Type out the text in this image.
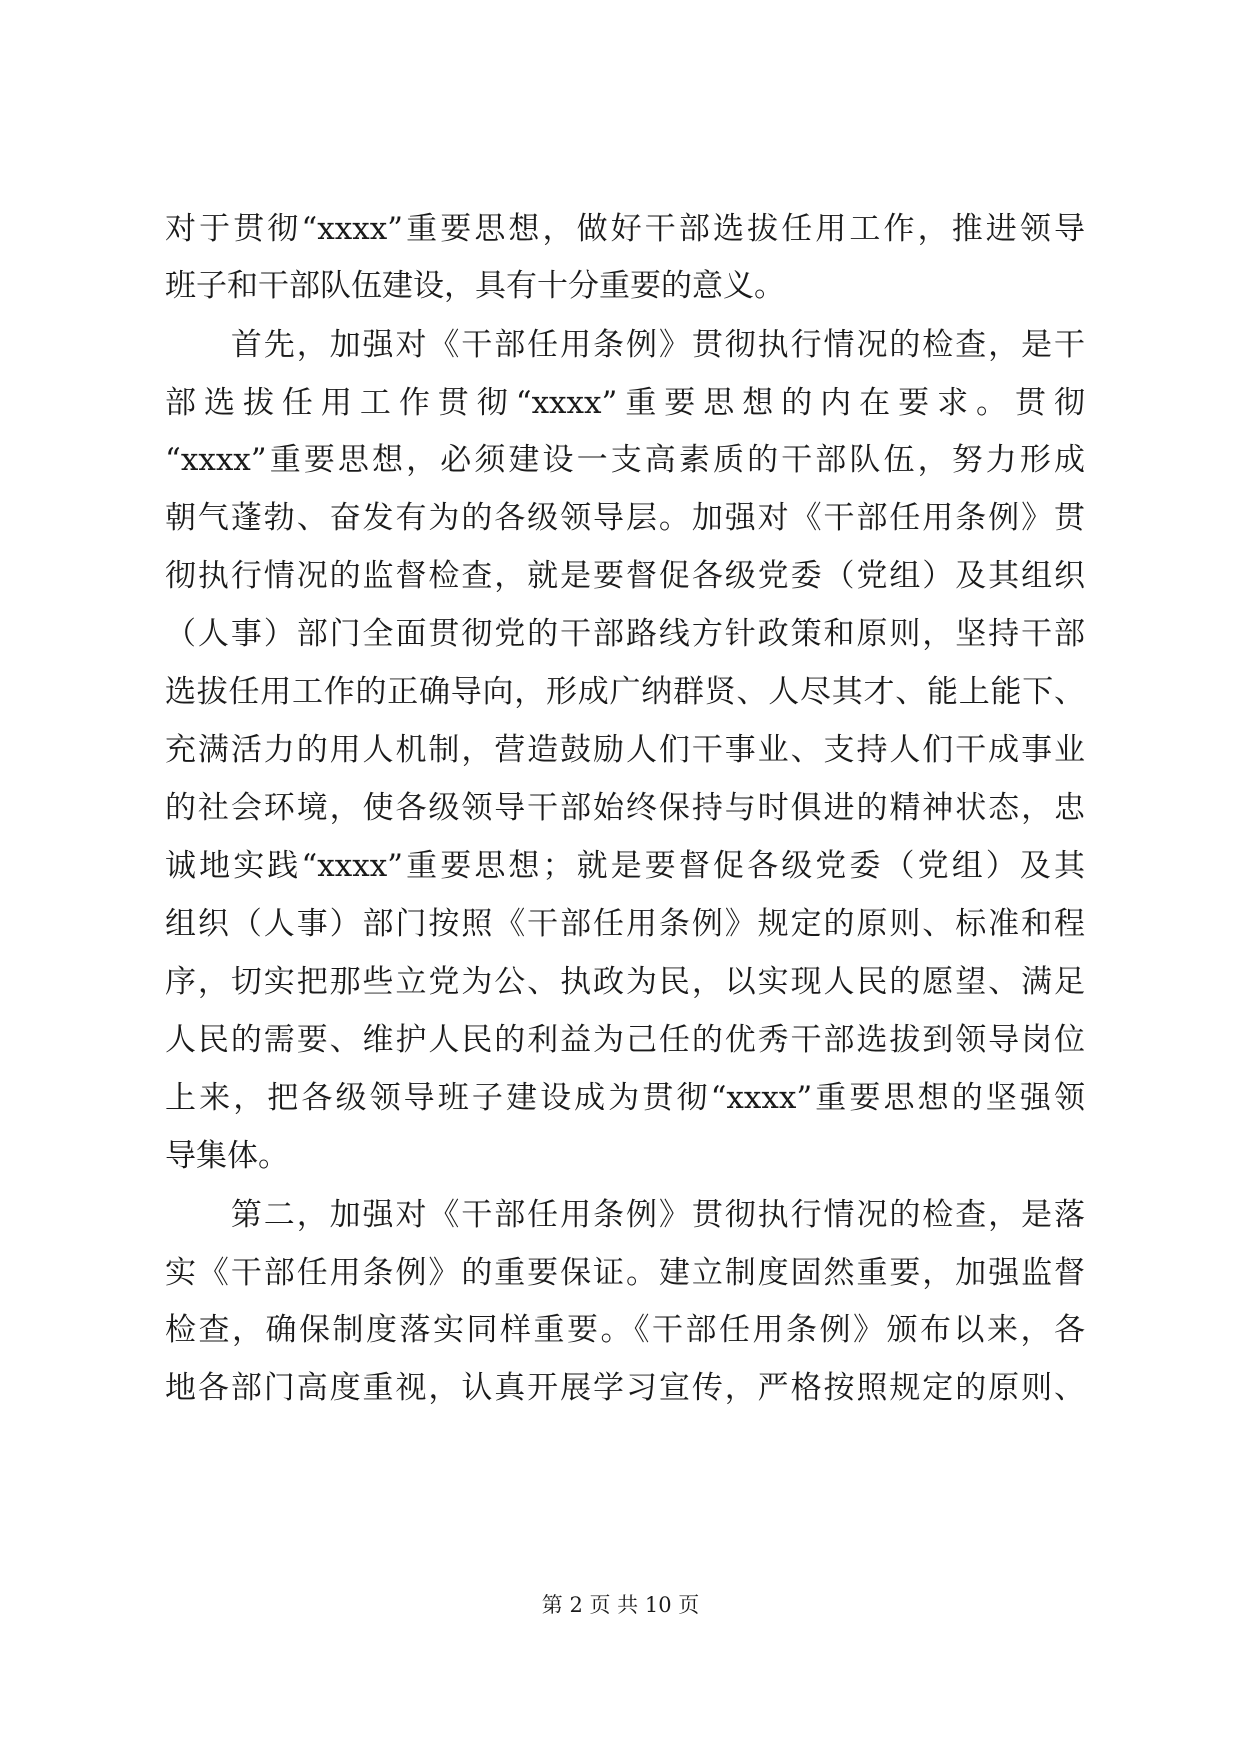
对于贯彻“xxxx”重要思想，做好干部选拔任用工作，推进领导
班子和干部队伍建设，具有十分重要的意义。
　　首先，加强对《干部任用条例》贯彻执行情况的检查，是干
部选拔任用工作贯彻“xxxx”重要思想的内在要求。贯彻
“xxxx”重要思想，必须建设一支高素质的干部队伍，努力形成
朝气蓬勃、奋发有为的各级领导层。加强对《干部任用条例》贯
彻执行情况的监督检查，就是要督促各级党委（党组）及其组织
（人事）部门全面贯彻党的干部路线方针政策和原则，坚持干部
选拔任用工作的正确导向，形成广纳群贤、人尽其才、能上能下、
充满活力的用人机制，营造鼓励人们干事业、支持人们干成事业
的社会环境，使各级领导干部始终保持与时俱进的精神状态，忠
诚地实践“xxxx”重要思想；就是要督促各级党委（党组）及其
组织（人事）部门按照《干部任用条例》规定的原则、标准和程
序，切实把那些立党为公、执政为民，以实现人民的愿望、满足
人民的需要、维护人民的利益为己任的优秀干部选拔到领导岗位
上来，把各级领导班子建设成为贯彻“xxxx”重要思想的坚强领
导集体。
　　第二，加强对《干部任用条例》贯彻执行情况的检查，是落
实《干部任用条例》的重要保证。建立制度固然重要，加强监督
检查，确保制度落实同样重要。《干部任用条例》颁布以来，各
地各部门高度重视，认真开展学习宣传，严格按照规定的原则、
第 2 页 共 10 页
